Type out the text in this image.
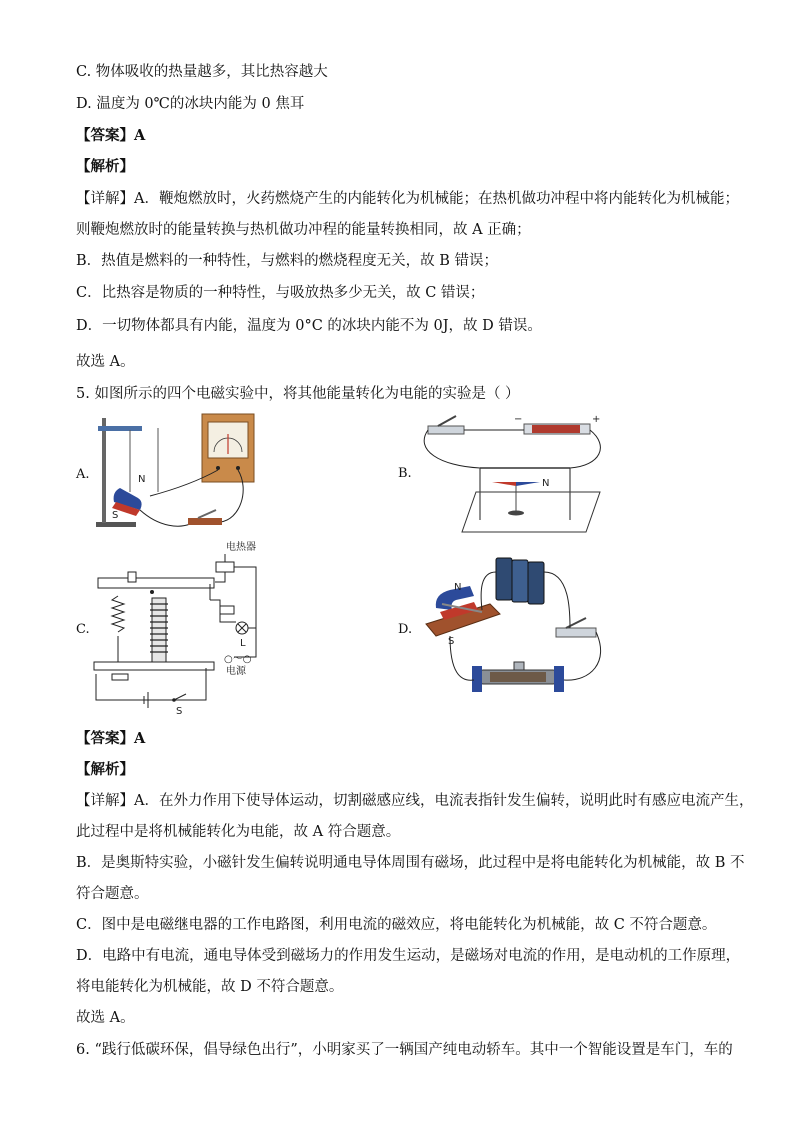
C. 物体吸收的热量越多，其比热容越大
D. 温度为 0℃的冰块内能为 0 焦耳
【答案】A
【解析】
【详解】A．鞭炮燃放时，火药燃烧产生的内能转化为机械能；在热机做功冲程中将内能转化为机械能；
则鞭炮燃放时的能量转换与热机做功冲程的能量转换相同，故 A 正确；
B．热值是燃料的一种特性，与燃料的燃烧程度无关，故 B 错误；
C．比热容是物质的一种特性，与吸放热多少无关，故 C 错误；
D．一切物体都具有内能，温度为 0°C 的冰块内能不为 0J，故 D 错误。
故选 A。
5. 如图所示的四个电磁实验中，将其他能量转化为电能的实验是（ ）
A.	B.
C.	D.
N
S
−	+
N
S
电热器
L
○～○
电源
N
S
【答案】A
【解析】
【详解】A．在外力作用下使导体运动，切割磁感应线，电流表指针发生偏转，说明此时有感应电流产生，
此过程中是将机械能转化为电能，故 A 符合题意。
B．是奥斯特实验，小磁针发生偏转说明通电导体周围有磁场，此过程中是将电能转化为机械能，故 B 不
符合题意。
C．图中是电磁继电器的工作电路图，利用电流的磁效应，将电能转化为机械能，故 C 不符合题意。
D．电路中有电流，通电导体受到磁场力的作用发生运动，是磁场对电流的作用，是电动机的工作原理，
将电能转化为机械能，故 D 不符合题意。
故选 A。
6. “践行低碳环保，倡导绿色出行”，小明家买了一辆国产纯电动轿车。其中一个智能设置是车门，车的
